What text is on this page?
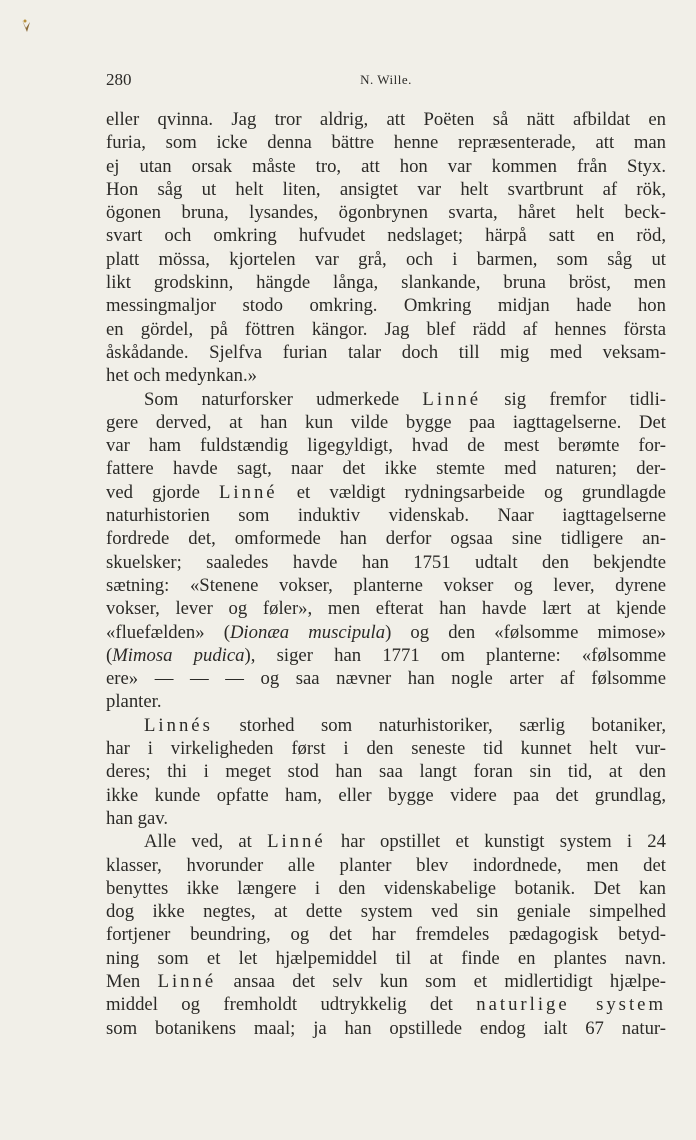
280	N. Wille.
eller qvinna. Jag tror aldrig, att Poëten så nätt afbildat en
furia, som icke denna bättre henne repræsenterade, att man
ej utan orsak måste tro, att hon var kommen från Styx.
Hon såg ut helt liten, ansigtet var helt svartbrunt af rök,
ögonen bruna, lysandes, ögonbrynen svarta, håret helt beck-
svart och omkring hufvudet nedslaget; härpå satt en röd,
platt mössa, kjortelen var grå, och i barmen, som såg ut
likt grodskinn, hängde långa, slankande, bruna bröst, men
messingmaljor stodo omkring. Omkring midjan hade hon
en gördel, på föttren kängor. Jag blef rädd af hennes första
åskådande. Sjelfva furian talar doch till mig med veksam-
het och medynkan.»
Som naturforsker udmerkede Linné sig fremfor tidli-
gere derved, at han kun vilde bygge paa iagttagelserne. Det
var ham fuldstændig ligegyldigt, hvad de mest berømte for-
fattere havde sagt, naar det ikke stemte med naturen; der-
ved gjorde Linné et vældigt rydningsarbeide og grundlagde
naturhistorien som induktiv videnskab. Naar iagttagelserne
fordrede det, omformede han derfor ogsaa sine tidligere an-
skuelsker; saaledes havde han 1751 udtalt den bekjendte
sætning: «Stenene vokser, planterne vokser og lever, dyrene
vokser, lever og føler», men efterat han havde lært at kjende
«fluefælden» (Dionæa muscipula) og den «følsomme mimose»
(Mimosa pudica), siger han 1771 om planterne: «følsomme
ere» — — — og saa nævner han nogle arter af følsomme
planter.
Linnés storhed som naturhistoriker, særlig botaniker,
har i virkeligheden først i den seneste tid kunnet helt vur-
deres; thi i meget stod han saa langt foran sin tid, at den
ikke kunde opfatte ham, eller bygge videre paa det grundlag,
han gav.
Alle ved, at Linné har opstillet et kunstigt system i 24
klasser, hvorunder alle planter blev indordnede, men det
benyttes ikke længere i den videnskabelige botanik. Det kan
dog ikke negtes, at dette system ved sin geniale simpelhed
fortjener beundring, og det har fremdeles pædagogisk betyd-
ning som et let hjælpemiddel til at finde en plantes navn.
Men Linné ansaa det selv kun som et midlertidigt hjælpe-
middel og fremholdt udtrykkelig det naturlige system
som botanikens maal; ja han opstillede endog ialt 67 natur-
